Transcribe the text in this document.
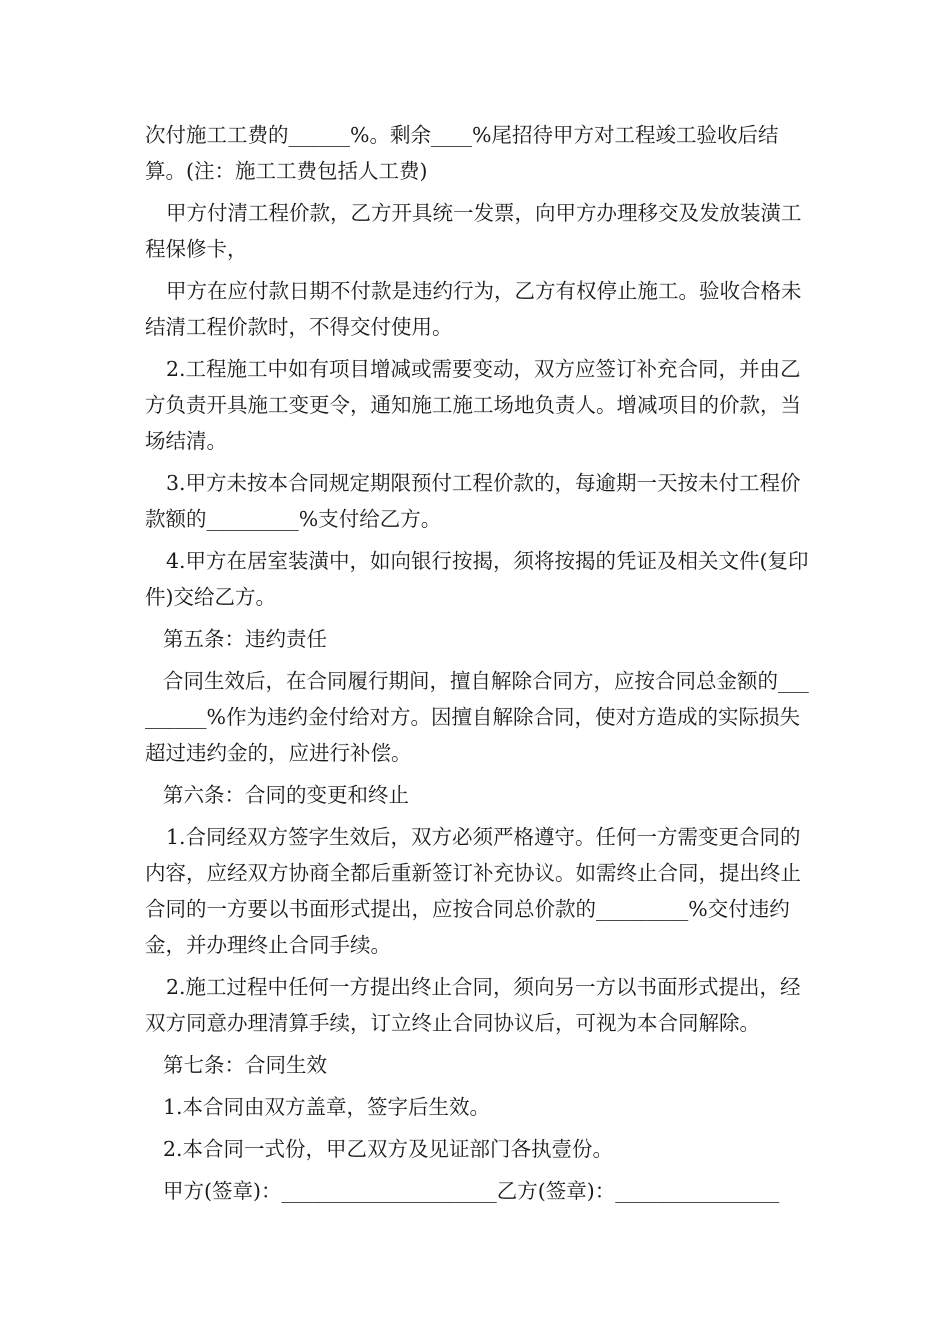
次付施工工费的______%。剩余____%尾招待甲方对工程竣工验收后结算。(注：施工工费包括人工费)

甲方付清工程价款，乙方开具统一发票，向甲方办理移交及发放装潢工程保修卡，

甲方在应付款日期不付款是违约行为，乙方有权停止施工。验收合格未结清工程价款时，不得交付使用。

2.工程施工中如有项目增减或需要变动，双方应签订补充合同，并由乙方负责开具施工变更令，通知施工施工场地负责人。增减项目的价款，当场结清。

3.甲方未按本合同规定期限预付工程价款的，每逾期一天按未付工程价款额的_________%支付给乙方。

4.甲方在居室装潢中，如向银行按揭，须将按揭的凭证及相关文件(复印件)交给乙方。

第五条：违约责任

合同生效后，在合同履行期间，擅自解除合同方，应按合同总金额的_________%作为违约金付给对方。因擅自解除合同，使对方造成的实际损失超过违约金的，应进行补偿。

第六条：合同的变更和终止

1.合同经双方签字生效后，双方必须严格遵守。任何一方需变更合同的内容，应经双方协商全都后重新签订补充协议。如需终止合同，提出终止合同的一方要以书面形式提出，应按合同总价款的_________%交付违约金，并办理终止合同手续。

2.施工过程中任何一方提出终止合同，须向另一方以书面形式提出，经双方同意办理清算手续，订立终止合同协议后，可视为本合同解除。

第七条：合同生效

1.本合同由双方盖章，签字后生效。

2.本合同一式份，甲乙双方及见证部门各执壹份。

甲方(签章)：_____________________乙方(签章)：________________
